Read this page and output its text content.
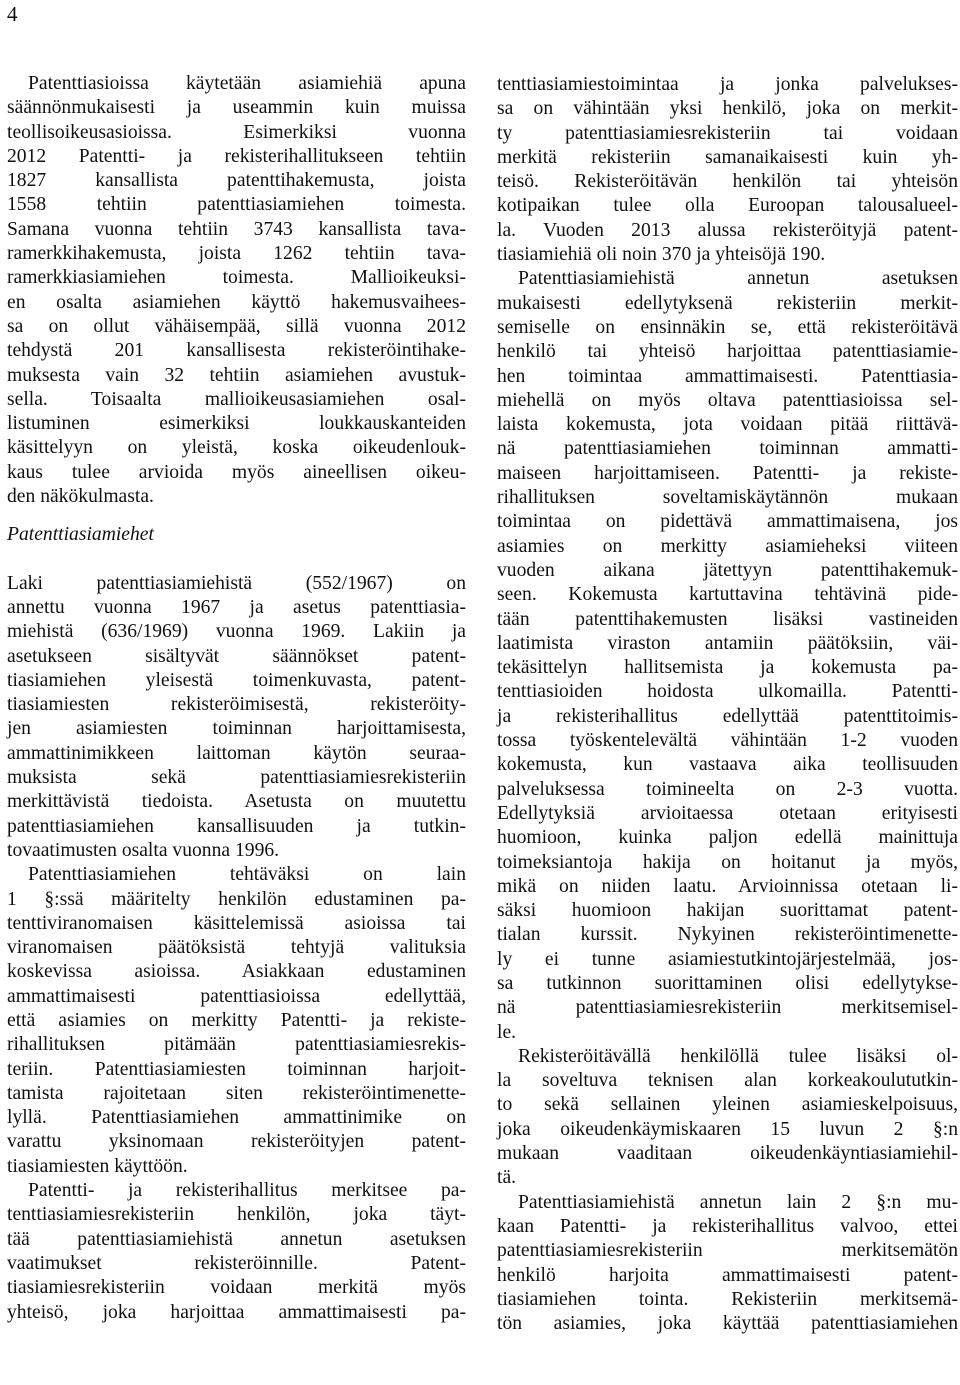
4
Patenttiasioissa käytetään asiamiehiä apuna
säännönmukaisesti ja useammin kuin muissa
teollisoikeusasioissa. Esimerkiksi vuonna
2012 Patentti- ja rekisterihallitukseen tehtiin
1827 kansallista patenttihakemusta, joista
1558 tehtiin patenttiasiamiehen toimesta.
Samana vuonna tehtiin 3743 kansallista tava-
ramerkkihakemusta, joista 1262 tehtiin tava-
ramerkkiasiamiehen toimesta. Mallioikeuksi-
en osalta asiamiehen käyttö hakemusvaihees-
sa on ollut vähäisempää, sillä vuonna 2012
tehdystä 201 kansallisesta rekisteröintihake-
muksesta vain 32 tehtiin asiamiehen avustuk-
sella. Toisaalta mallioikeusasiamiehen osal-
listuminen esimerkiksi loukkauskanteiden
käsittelyyn on yleistä, koska oikeudenlouk-
kaus tulee arvioida myös aineellisen oikeu-
den näkökulmasta.
Patenttiasiamiehet
Laki patenttiasiamiehistä (552/1967) on
annettu vuonna 1967 ja asetus patenttiasia-
miehistä (636/1969) vuonna 1969. Lakiin ja
asetukseen sisältyvät säännökset patent-
tiasiamiehen yleisestä toimenkuvasta, patent-
tiasiamiesten rekisteröimisestä, rekisteröity-
jen asiamiesten toiminnan harjoittamisesta,
ammattinimikkeen laittoman käytön seuraa-
muksista sekä patenttiasiamiesrekisteriin
merkittävistä tiedoista. Asetusta on muutettu
patenttiasiamiehen kansallisuuden ja tutkin-
tovaatimusten osalta vuonna 1996.
Patenttiasiamiehen tehtäväksi on lain
1 §:ssä määritelty henkilön edustaminen pa-
tenttiviranomaisen käsittelemissä asioissa tai
viranomaisen päätöksistä tehtyjä valituksia
koskevissa asioissa. Asiakkaan edustaminen
ammattimaisesti patenttiasioissa edellyttää,
että asiamies on merkitty Patentti- ja rekiste-
rihallituksen pitämään patenttiasiamiesrekis-
teriin. Patenttiasiamiesten toiminnan harjoit-
tamista rajoitetaan siten rekisteröintimenette-
lyllä. Patenttiasiamiehen ammattinimike on
varattu yksinomaan rekisteröityjen patent-
tiasiamiesten käyttöön.
Patentti- ja rekisterihallitus merkitsee pa-
tenttiasiamiesrekisteriin henkilön, joka täyt-
tää patenttiasiamiehistä annetun asetuksen
vaatimukset rekisteröinnille. Patent-
tiasiamiesrekisteriin voidaan merkitä myös
yhteisö, joka harjoittaa ammattimaisesti pa-
tenttiasiamiestoimintaa ja jonka palvelukses-
sa on vähintään yksi henkilö, joka on merkit-
ty patenttiasiamiesrekisteriin tai voidaan
merkitä rekisteriin samanaikaisesti kuin yh-
teisö. Rekisteröitävän henkilön tai yhteisön
kotipaikan tulee olla Euroopan talousalueel-
la. Vuoden 2013 alussa rekisteröityjä patent-
tiasiamiehiä oli noin 370 ja yhteisöjä 190.
Patenttiasiamiehistä annetun asetuksen
mukaisesti edellytyksenä rekisteriin merkit-
semiselle on ensinnäkin se, että rekisteröitävä
henkilö tai yhteisö harjoittaa patenttiasiamie-
hen toimintaa ammattimaisesti. Patenttiasia-
miehellä on myös oltava patenttiasioissa sel-
laista kokemusta, jota voidaan pitää riittävä-
nä patenttiasiamiehen toiminnan ammatti-
maiseen harjoittamiseen. Patentti- ja rekiste-
rihallituksen soveltamiskäytännön mukaan
toimintaa on pidettävä ammattimaisena, jos
asiamies on merkitty asiamieheksi viiteen
vuoden aikana jätettyyn patenttihakemuk-
seen. Kokemusta kartuttavina tehtävinä pide-
tään patenttihakemusten lisäksi vastineiden
laatimista viraston antamiin päätöksiin, väi-
tekäsittelyn hallitsemista ja kokemusta pa-
tenttiasioiden hoidosta ulkomailla. Patentti-
ja rekisterihallitus edellyttää patenttitoimis-
tossa työskentelevältä vähintään 1-2 vuoden
kokemusta, kun vastaava aika teollisuuden
palveluksessa toimineelta on 2-3 vuotta.
Edellytyksiä arvioitaessa otetaan erityisesti
huomioon, kuinka paljon edellä mainittuja
toimeksiantoja hakija on hoitanut ja myös,
mikä on niiden laatu. Arvioinnissa otetaan li-
säksi huomioon hakijan suorittamat patent-
tialan kurssit. Nykyinen rekisteröintimenette-
ly ei tunne asiamiestutkintojärjestelmää, jos-
sa tutkinnon suorittaminen olisi edellytykse-
nä patenttiasiamiesrekisteriin merkitsemisel-
le.
Rekisteröitävällä henkilöllä tulee lisäksi ol-
la soveltuva teknisen alan korkeakoulututkin-
to sekä sellainen yleinen asiamieskelpoisuus,
joka oikeudenkäymiskaaren 15 luvun 2 §:n
mukaan vaaditaan oikeudenkäyntiasiamiehil-
tä.
Patenttiasiamiehistä annetun lain 2 §:n mu-
kaan Patentti- ja rekisterihallitus valvoo, ettei
patenttiasiamiesrekisteriin merkitsemätön
henkilö harjoita ammattimaisesti patent-
tiasiamiehen tointa. Rekisteriin merkitsemä-
tön asiamies, joka käyttää patenttiasiamiehen
